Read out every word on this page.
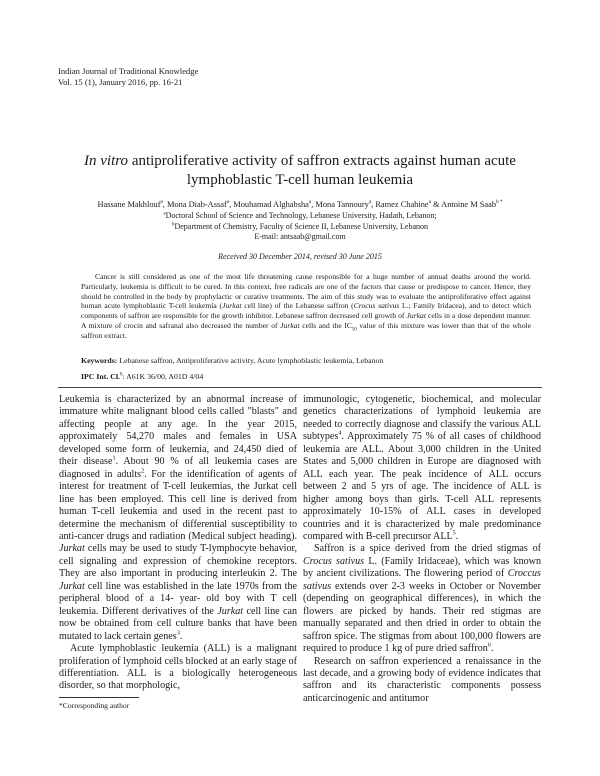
Indian Journal of Traditional Knowledge
Vol. 15 (1), January 2016, pp. 16-21
In vitro antiproliferative activity of saffron extracts against human acute
lymphoblastic T-cell human leukemia
Hassane Makhlouf$^a$, Mona Diab-Assaf$^a$, Mouhamad Alghabsha$^a$, Mona Tannoury$^a$, Ramez Chahine$^a$ & Antoine M Saab$^{b *}$
$^a$Doctoral School of Science and Technology, Lebanese University, Hadath, Lebanon;
$^b$Department of Chemistry, Faculty of Science II, Lebanese University, Lebanon
E-mail: antsaab@gmail.com
Received 30 December 2014, revised 30 June 2015
Cancer is still considered as one of the most life threatening cause responsible for a huge number of annual deaths around the world. Particularly, leukemia is difficult to be cured. In this context, free radicals are one of the factors that cause or predispose to cancer. Hence, they should be controlled in the body by prophylactic or curative treatments. The aim of this study was to evaluate the antiproliferative effect against human acute lymphoblastic T-cell leukemia (Jurkat cell line) of the Lebanese saffron (Crocus sativus L.; Family Iridacea), and to detect which components of saffron are responsible for the growth inhibitor. Lebanese saffron decreased cell growth of Jurkat cells in a dose dependent manner. A mixture of crocin and safranal also decreased the number of Jurkat cells and the $IC_{50}$ value of this mixture was lower than that of the whole saffron extract.
Keywords: Lebanese saffron, Antiproliferative activity, Acute lymphoblastic leukemia, Lebanon
IPC Int. Cl.$^8$: A61K 36/00, A01D 4/04

Leukemia is characterized by an abnormal increase of immature white malignant blood cells called "blasts" and affecting people at any age. In the year 2015, approximately 54,270 males and females in USA developed some form of leukemia, and 24,450 died of their disease$^1$. About 90 % of all leukemia cases are diagnosed in adults$^2$. For the identification of agents of interest for treatment of T-cell leukemias, the Jurkat cell line has been employed. This cell line is derived from human T-cell leukemia and used in the recent past to determine the mechanism of differential susceptibility to anti-cancer drugs and radiation (Medical subject heading). Jurkat cells may be used to study T-lymphocyte behavior, cell signaling and expression of chemokine receptors. They are also important in producing interleukin 2. The Jurkat cell line was established in the late 1970s from the peripheral blood of a 14- year- old boy with T cell leukemia. Different derivatives of the Jurkat cell line can now be obtained from cell culture banks that have been mutated to lack certain genes$^3$.

Acute lymphoblastic leukemia (ALL) is a malignant proliferation of lymphoid cells blocked at an early stage of differentiation. ALL is a biologically heterogeneous disorder, so that morphologic,

immunologic, cytogenetic, biochemical, and molecular genetics characterizations of lymphoid leukemia are needed to correctly diagnose and classify the various ALL subtypes$^4$. Approximately 75 % of all cases of childhood leukemia are ALL. About 3,000 children in the United States and 5,000 children in Europe are diagnosed with ALL each year. The peak incidence of ALL occurs between 2 and 5 yrs of age. The incidence of ALL is higher among boys than girls. T-cell ALL represents approximately 10-15% of ALL cases in developed countries and it is characterized by male predominance compared with B-cell precursor ALL$^5$.

Saffron is a spice derived from the dried stigmas of Crocus sativus L. (Family Iridaceae), which was known by ancient civilizations. The flowering period of Croccus sativus extends over 2-3 weeks in October or November (depending on geographical differences), in which the flowers are picked by hands. Their red stigmas are manually separated and then dried in order to obtain the saffron spice. The stigmas from about 100,000 flowers are required to produce 1 kg of pure dried saffron$^6$.

Research on saffron experienced a renaissance in the last decade, and a growing body of evidence indicates that saffron and its characteristic components possess anticarcinogenic and antitumor

*Corresponding author
